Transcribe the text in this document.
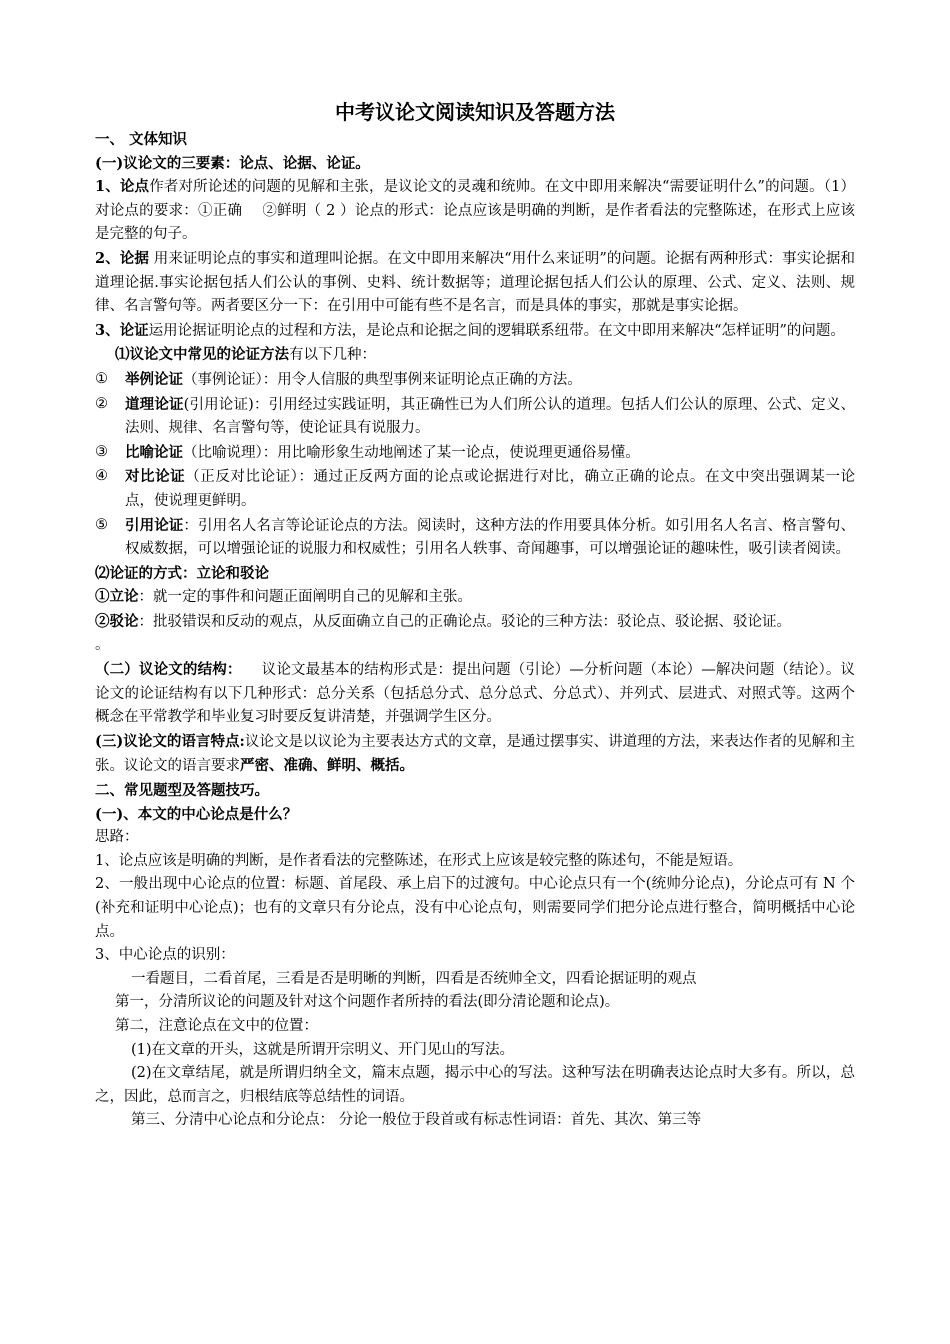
中考议论文阅读知识及答题方法
一、 文体知识
(一)议论文的三要素：论点、论据、论证。
1、论点作者对所论述的问题的见解和主张，是议论文的灵魂和统帅。在文中即用来解决“需要证明什么”的问题。（1）对论点的要求：①正确 ②鲜明（ 2 ）论点的形式：论点应该是明确的判断，是作者看法的完整陈述，在形式上应该是完整的句子。
2、论据 用来证明论点的事实和道理叫论据。在文中即用来解决“用什么来证明”的问题。论据有两种形式：事实论据和道理论据.事实论据包括人们公认的事例、史料、统计数据等；道理论据包括人们公认的原理、公式、定义、法则、规律、名言警句等。两者要区分一下：在引用中可能有些不是名言，而是具体的事实，那就是事实论据。
3、论证运用论据证明论点的过程和方法，是论点和论据之间的逻辑联系纽带。在文中即用来解决“怎样证明”的问题。
⑴议论文中常见的论证方法有以下几种：
①	举例论证（事例论证）：用令人信服的典型事例来证明论点正确的方法。
②	道理论证(引用论证)：引用经过实践证明，其正确性已为人们所公认的道理。包括人们公认的原理、公式、定义、法则、规律、名言警句等，使论证具有说服力。
③	比喻论证（比喻说理）：用比喻形象生动地阐述了某一论点，使说理更通俗易懂。
④	对比论证（正反对比论证）：通过正反两方面的论点或论据进行对比，确立正确的论点。在文中突出强调某一论点，使说理更鲜明。
⑤	引用论证：引用名人名言等论证论点的方法。阅读时，这种方法的作用要具体分析。如引用名人名言、格言警句、权威数据，可以增强论证的说服力和权威性；引用名人轶事、奇闻趣事，可以增强论证的趣味性，吸引读者阅读。
⑵论证的方式：立论和驳论
①立论：就一定的事件和问题正面阐明自己的见解和主张。
②驳论：批驳错误和反动的观点，从反面确立自己的正确论点。驳论的三种方法：驳论点、驳论据、驳论证。
。
（二）议论文的结构： 议论文最基本的结构形式是：提出问题（引论）—分析问题（本论）—解决问题（结论）。议论文的论证结构有以下几种形式：总分关系（包括总分式、总分总式、分总式）、并列式、层进式、对照式等。这两个概念在平常教学和毕业复习时要反复讲清楚，并强调学生区分。
(三)议论文的语言特点:议论文是以议论为主要表达方式的文章，是通过摆事实、讲道理的方法，来表达作者的见解和主张。议论文的语言要求严密、准确、鲜明、概括。
二、常见题型及答题技巧。
(一)、本文的中心论点是什么？
思路：
1、论点应该是明确的判断，是作者看法的完整陈述，在形式上应该是较完整的陈述句，不能是短语。
2、一般出现中心论点的位置：标题、首尾段、承上启下的过渡句。中心论点只有一个(统帅分论点)，分论点可有 N 个(补充和证明中心论点)；也有的文章只有分论点，没有中心论点句，则需要同学们把分论点进行整合，简明概括中心论点。
3、中心论点的识别：
一看题目，二看首尾，三看是否是明晰的判断，四看是否统帅全文，四看论据证明的观点
第一，分清所议论的问题及针对这个问题作者所持的看法(即分清论题和论点)。
第二，注意论点在文中的位置：
(1)在文章的开头，这就是所谓开宗明义、开门见山的写法。
(2)在文章结尾，就是所谓归纳全文，篇末点题，揭示中心的写法。这种写法在明确表达论点时大多有。所以，总之，因此，总而言之，归根结底等总结性的词语。
第三、分清中心论点和分论点： 分论一般位于段首或有标志性词语：首先、其次、第三等
